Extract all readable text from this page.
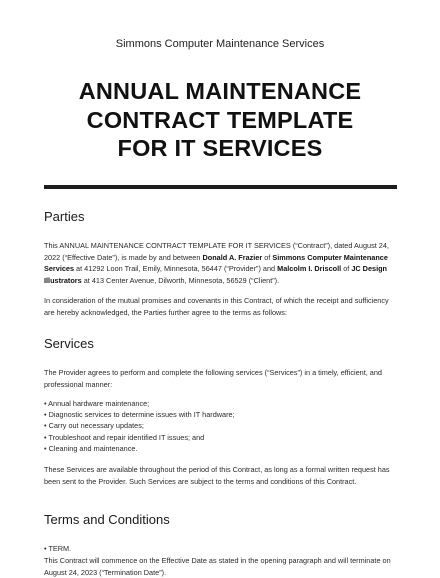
Simmons Computer Maintenance Services
ANNUAL MAINTENANCE
CONTRACT TEMPLATE
FOR IT SERVICES
Parties
This ANNUAL MAINTENANCE CONTRACT TEMPLATE FOR IT SERVICES (“Contract”), dated August 24, 2022 (“Effective Date”), is made by and between Donald A. Frazier of Simmons Computer Maintenance Services at 41292 Loon Trail, Emily, Minnesota, 56447 (“Provider”) and Malcolm I. Driscoll of JC Design Illustrators at 413 Center Avenue, Dilworth, Minnesota, 56529 (“Client”).
In consideration of the mutual promises and covenants in this Contract, of which the receipt and sufficiency are hereby acknowledged, the Parties further agree to the terms as follows:
Services
The Provider agrees to perform and complete the following services (“Services”) in a timely, efficient, and professional manner:
• Annual hardware maintenance;
• Diagnostic services to determine issues with IT hardware;
• Carry out necessary updates;
• Troubleshoot and repair identified IT issues; and
• Cleaning and maintenance.
These Services are available throughout the period of this Contract, as long as a formal written request has been sent to the Provider. Such Services are subject to the terms and conditions of this Contract.
Terms and Conditions
• TERM.
This Contract will commence on the Effective Date as stated in the opening paragraph and will terminate on August 24, 2023 (“Termination Date”).
